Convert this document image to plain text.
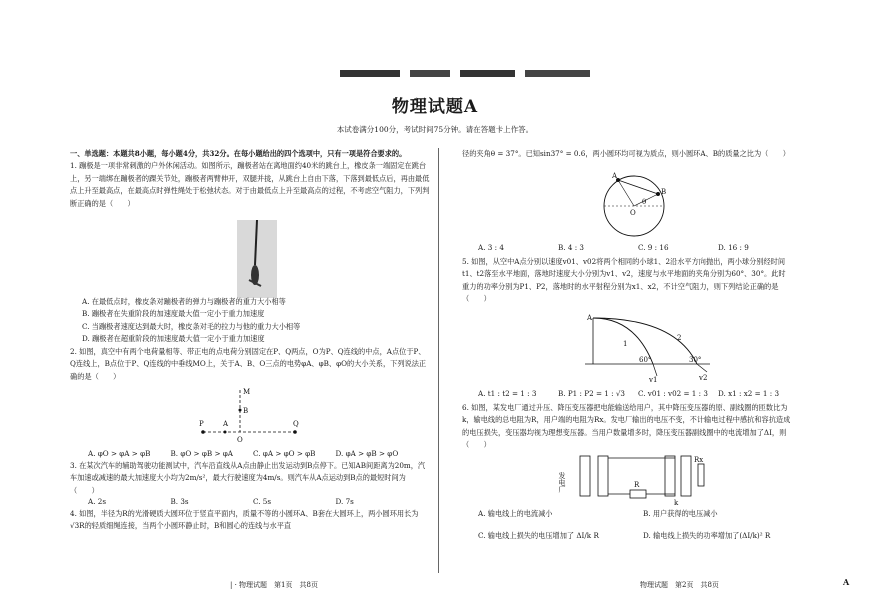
物理试题A
本试卷满分100分，考试时间75分钟。请在答题卡上作答。

一、单选题：本题共8小题，每小题4分，共32分。在每小题给出的四个选项中，只有一项是符合要求的。

1. 蹦极是一项非常刺激的户外休闲活动。如图所示，蹦极者站在离地面约40米的跳台上，橡皮条一端固定在跳台上，另一端绑在蹦极者的踝关节处，蹦极者两臂伸开，双腿并拢，从跳台上自由下落，下落到最低点后，再由最低点上升至最高点，在最高点时弹性绳处于松弛状态。对于由最低点上升至最高点的过程，不考虑空气阻力，下列判断正确的是（　　）

A. 在最低点时，橡皮条对蹦极者的弹力与蹦极者的重力大小相等

B. 蹦极者在失重阶段的加速度最大值一定小于重力加速度

C. 当蹦极者速度达到最大时，橡皮条对毛的拉力与他的重力大小相等

D. 蹦极者在超重阶段的加速度最大值一定小于重力加速度

2. 如图，真空中有两个电荷量相等、带正电的点电荷分别固定在P、Q两点，O为P、Q连线的中点，A点位于P、Q连线上，B点位于P、Q连线的中垂线MO上，关于A、B、O三点的电势φA、φB、φO的大小关系，下列说法正确的是（　　）

M
B
P	A
O
Q
A. φO > φA > φB	B. φO > φB > φA	C. φA > φO > φB	D. φA > φB > φO

3. 在某次汽车的辅助驾驶功能测试中，汽车沿直线从A点由静止出发运动到B点停下。已知AB间距离为20m，汽车加速或减速的最大加速度大小均为2m/s²，最大行驶速度为4m/s。则汽车从A点运动到B点的最短时间为（　　）

A. 2s	B. 3s	C. 5s	D. 7s

4. 如图，半径为R的光滑硬质大圆环位于竖直平面内，质量不等的小圆环A、B套在大圆环上，两小圆环用长为√3R的轻质细绳连接，当两个小圆环静止时，B和圆心的连线与水平直

| · 物理试题　第1页　共8页

径的夹角θ = 37°。已知sin37° = 0.6，两小圆环均可视为质点，则小圆环A、B的质量之比为（　　）

A
B
O
θ
A. 3 : 4	B. 4 : 3	C. 9 : 16	D. 16 : 9

5. 如图，从空中A点分别以速度v01、v02将两个相同的小球1、2沿水平方向抛出，两小球分别经时间t1、t2落至水平地面，落地时速度大小分别为v1、v2，速度与水平地面的夹角分别为60°、30°。此时重力的功率分别为P1、P2，落地时的水平射程分别为x1、x2，不计空气阻力，则下列结论正确的是（　　）

A
1
2
60°	30°
v1	v2
A. t1 : t2 = 1 : 3	B. P1 : P2 = 1 : √3	C. v01 : v02 = 1 : 3	D. x1 : x2 = 1 : 3

6. 如图，某发电厂通过升压、降压变压器把电能输送给用户，其中降压变压器的原、副线圈的匝数比为k，输电线的总电阻为R，用户端的电阻为Rx。发电厂输出的电压不变，不计输电过程中感抗和容抗造成的电压损失，变压器均视为理想变压器。当用户数量增多时，降压变压器副线圈中的电流增加了ΔI，则（　　）

发电厂	R
k
Rx
A. 输电线上的电流减小	B. 用户获得的电压减小
C. 输电线上损失的电压增加了 ΔI/k R	D. 输电线上损失的功率增加了(ΔI/k)² R
物理试题　第2页　共8页	A
